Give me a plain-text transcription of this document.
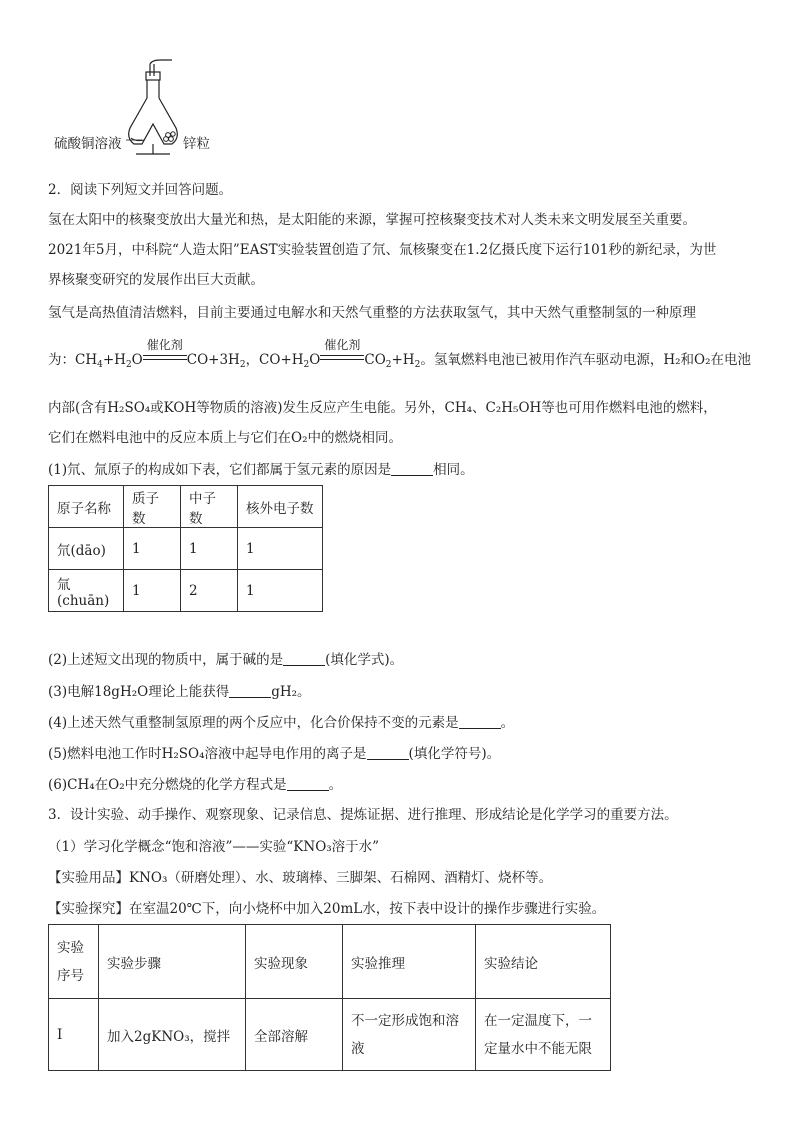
硫酸铜溶液	锌粒
2．阅读下列短文并回答问题。
氢在太阳中的核聚变放出大量光和热，是太阳能的来源，掌握可控核聚变技术对人类未来文明发展至关重要。
2021年5月，中科院“人造太阳”EAST实验装置创造了氘、氚核聚变在1.2亿摄氏度下运行101秒的新纪录，为世
界核聚变研究的发展作出巨大贡献。
氢气是高热值清洁燃料，目前主要通过电解水和天然气重整的方法获取氢气，其中天然气重整制氢的一种原理
为：$CH_4+H_2O$
催化剂
$CO+3H_2$，$CO+H_2O$
催化剂
$CO_2+H_2$。氢氧燃料电池已被用作汽车驱动电源，H₂和O₂在电池
内部(含有H₂SO₄或KOH等物质的溶液)发生反应产生电能。另外，CH₄、C₂H₅OH等也可用作燃料电池的燃料，
它们在燃料电池中的反应本质上与它们在O₂中的燃烧相同。
(1)氘、氚原子的构成如下表，它们都属于氢元素的原因是	相同。
原子名称	质子数	中子数	核外电子数
氘(dāo)	1	1	1
氚(chuān)	1	2	1
(2)上述短文出现的物质中，属于碱的是	(填化学式)。
(3)电解18gH₂O理论上能获得	gH₂。
(4)上述天然气重整制氢原理的两个反应中，化合价保持不变的元素是	。
(5)燃料电池工作时H₂SO₄溶液中起导电作用的离子是	(填化学符号)。
(6)CH₄在O₂中充分燃烧的化学方程式是	。
3．设计实验、动手操作、观察现象、记录信息、提炼证据、进行推理、形成结论是化学学习的重要方法。
（1）学习化学概念“饱和溶液”——实验“KNO₃溶于水”
【实验用品】KNO₃（研磨处理）、水、玻璃棒、三脚架、石棉网、酒精灯、烧杯等。
【实验探究】在室温20℃下，向小烧杯中加入20mL水，按下表中设计的操作步骤进行实验。
实验序号	实验步骤	实验现象	实验推理	实验结论
I	加入2gKNO₃，搅拌	全部溶解	不一定形成饱和溶液	在一定温度下，一定量水中不能无限
